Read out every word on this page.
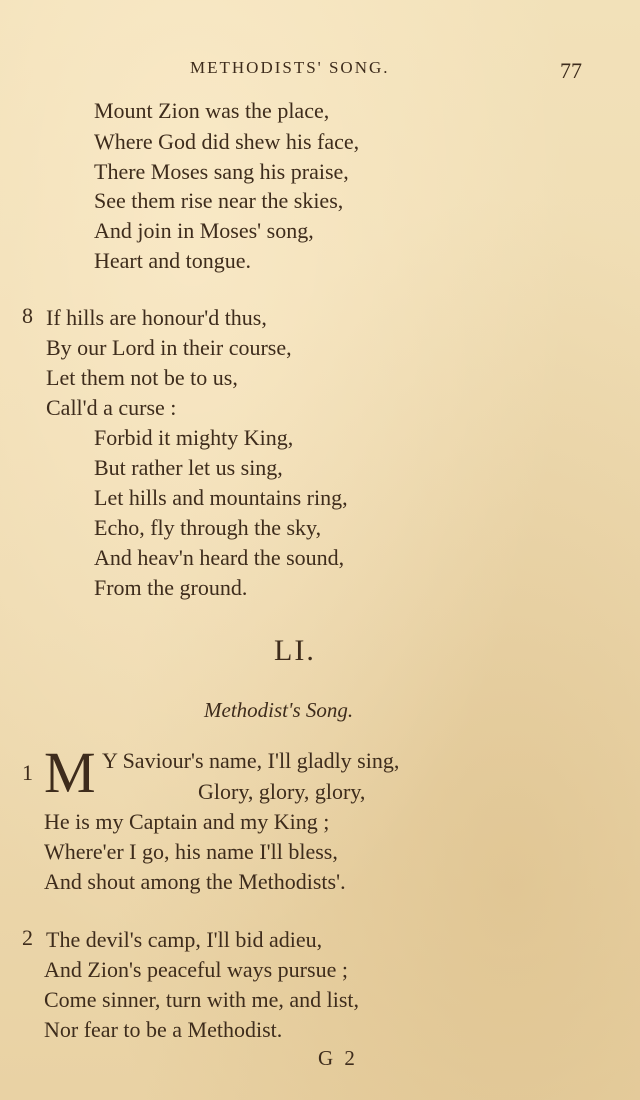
METHODISTS' SONG.	77
Mount Zion was the place,
Where God did shew his face,
There Moses sang his praise,
See them rise near the skies,
And join in Moses' song,
Heart and tongue.
8 If hills are honour'd thus,
By our Lord in their course,
Let them not be to us,
Call'd a curse :
Forbid it mighty King,
But rather let us sing,
Let hills and mountains ring,
Echo, fly through the sky,
And heav'n heard the sound,
From the ground.
LI.
Methodist's Song.
1 M Y Saviour's name, I'll gladly sing,
Glory, glory, glory,
He is my Captain and my King ;
Where'er I go, his name I'll bless,
And shout among the Methodists'.
2 The devil's camp, I'll bid adieu,
And Zion's peaceful ways pursue ;
Come sinner, turn with me, and list,
Nor fear to be a Methodist.
G 2
